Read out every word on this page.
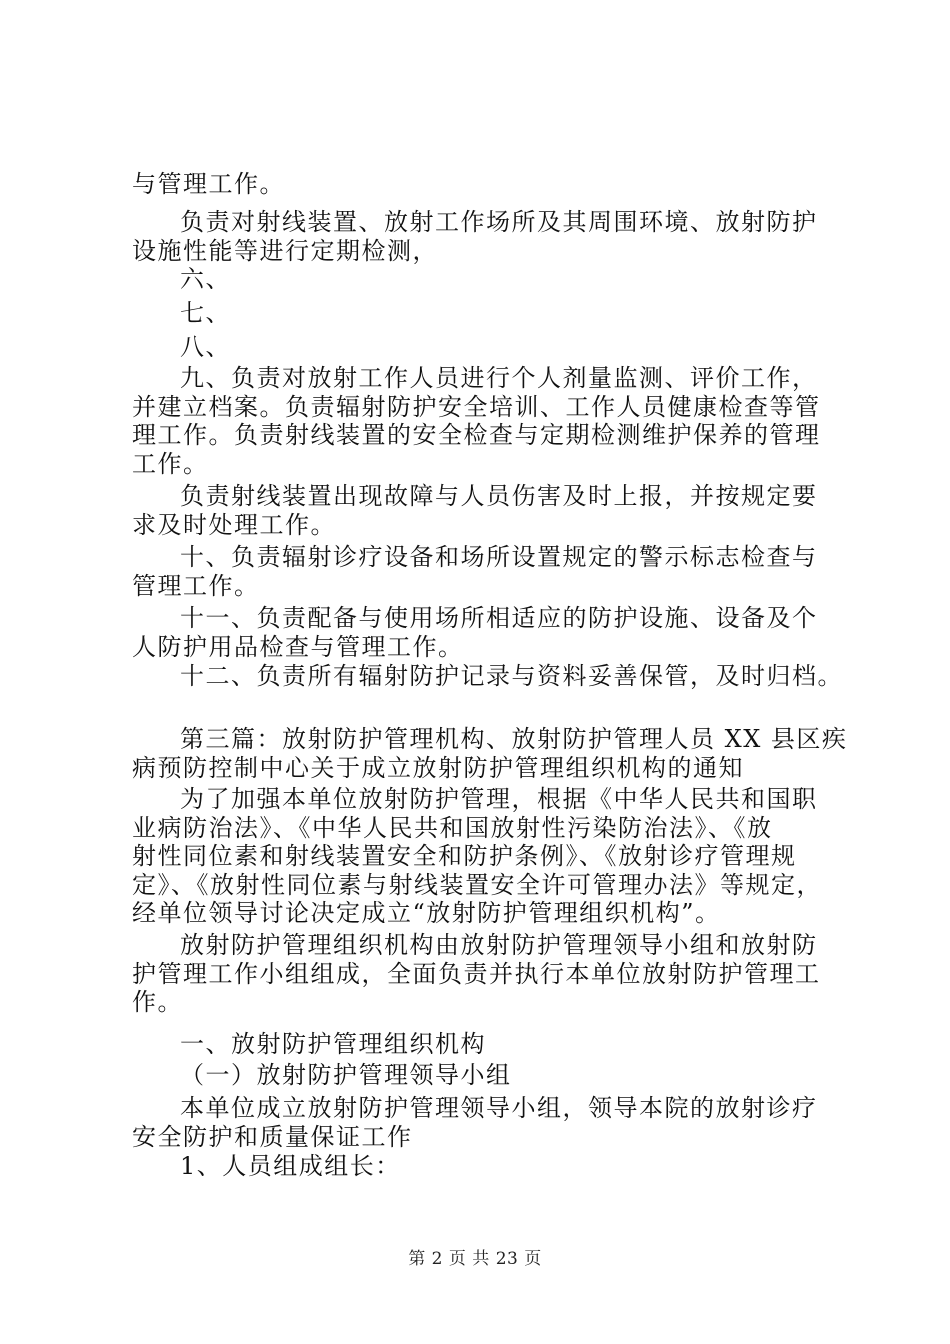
与管理工作。
负责对射线装置、放射工作场所及其周围环境、放射防护
设施性能等进行定期检测，
六、
七、
八、
九、负责对放射工作人员进行个人剂量监测、评价工作，
并建立档案。负责辐射防护安全培训、工作人员健康检查等管
理工作。负责射线装置的安全检查与定期检测维护保养的管理
工作。
负责射线装置出现故障与人员伤害及时上报，并按规定要
求及时处理工作。
十、负责辐射诊疗设备和场所设置规定的警示标志检查与
管理工作。
十一、负责配备与使用场所相适应的防护设施、设备及个
人防护用品检查与管理工作。
十二、负责所有辐射防护记录与资料妥善保管，及时归档。
第三篇：放射防护管理机构、放射防护管理人员 XX 县区疾
病预防控制中心关于成立放射防护管理组织机构的通知
为了加强本单位放射防护管理，根据《中华人民共和国职
业病防治法》、《中华人民共和国放射性污染防治法》、《放
射性同位素和射线装置安全和防护条例》、《放射诊疗管理规
定》、《放射性同位素与射线装置安全许可管理办法》等规定，
经单位领导讨论决定成立“放射防护管理组织机构”。
放射防护管理组织机构由放射防护管理领导小组和放射防
护管理工作小组组成，全面负责并执行本单位放射防护管理工
作。
一、放射防护管理组织机构
（一）放射防护管理领导小组
本单位成立放射防护管理领导小组，领导本院的放射诊疗
安全防护和质量保证工作
1、人员组成组长：
第 2 页 共 23 页
